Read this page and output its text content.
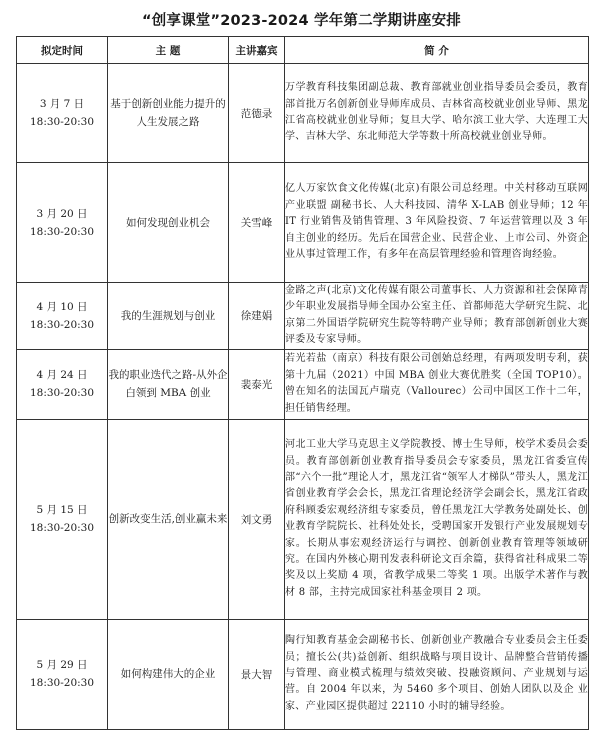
“创享课堂”2023-2024 学年第二学期讲座安排
拟定时间	主 题	主讲嘉宾	简 介

3 月 7 日
18:30-20:30	基于创新创业能力提升的人生发展之路	范德录	万学教育科技集团副总裁、教育部就业创业指导委员会委员，教育部首批万名创新创业导师库成员、吉林省高校就业创业导师、黑龙江省高校就业创业导师；复旦大学、哈尔滨工业大学、大连理工大学、吉林大学、东北师范大学等数十所高校就业创业导师。

3 月 20 日
18:30-20:30	如何发现创业机会	关雪峰	亿人万家饮食文化传媒(北京)有限公司总经理。中关村移动互联网产业联盟 副秘书长、人大科技园、清华 X-LAB 创业导师；12 年 IT 行业销售及销售管理、3 年风险投资、7 年运营管理以及 3 年自主创业的经历。先后在国营企业、民营企业、上市公司、外资企业从事过管理工作，有多年在高层管理经验和管理咨询经验。

4 月 10 日
18:30-20:30	我的生涯规划与创业	徐建娟	金路之声(北京)文化传媒有限公司董事长、人力资源和社会保障青少年职业发展指导师全国办公室主任、首都师范大学研究生院、北京第二外国语学院研究生院等特聘产业导师；教育部创新创业大赛评委及专家导师。

4 月 24 日
18:30-20:30	我的职业迭代之路-从外企白领到 MBA 创业	裴泰光	若光若盐（南京）科技有限公司创始总经理，有两项发明专利，获第十九届（2021）中国 MBA 创业大赛优胜奖（全国 TOP10）。曾在知名的法国瓦卢瑞克（Vallourec）公司中国区工作十二年，担任销售经理。

5 月 15 日
18:30-20:30	创新改变生活,创业赢未来	刘文勇	河北工业大学马克思主义学院教授、博士生导师，校学术委员会委员。教育部创新创业教育指导委员会专家委员，黑龙江省委宣传部“六个一批”理论人才，黑龙江省“领军人才梯队”带头人，黑龙江省创业教育学会会长，黑龙江省理论经济学会副会长，黑龙江省政府科顾委宏观经济组专家委员，曾任黑龙江大学教务处副处长、创业教育学院院长、社科处处长，受聘国家开发银行产业发展规划专家。长期从事宏观经济运行与调控、创新创业教育管理等领域研究。在国内外核心期刊发表科研论文百余篇，获得省社科成果二等奖及以上奖励 4 项，省教学成果二等奖 1 项。出版学术著作与教材 8 部，主持完成国家社科基金项目 2 项。

5 月 29 日
18:30-20:30	如何构建伟大的企业	景大智	陶行知教育基金会副秘书长、创新创业产教融合专业委员会主任委员；擅长公(共)益创新、组织战略与项目设计、品牌整合营销传播与管理、商业模式梳理与绩效突破、投融资顾问、产业规划与运营。自 2004 年以来，为 5460 多个项目、创始人团队以及企 业家、产业园区提供超过 22110 小时的辅导经验。
